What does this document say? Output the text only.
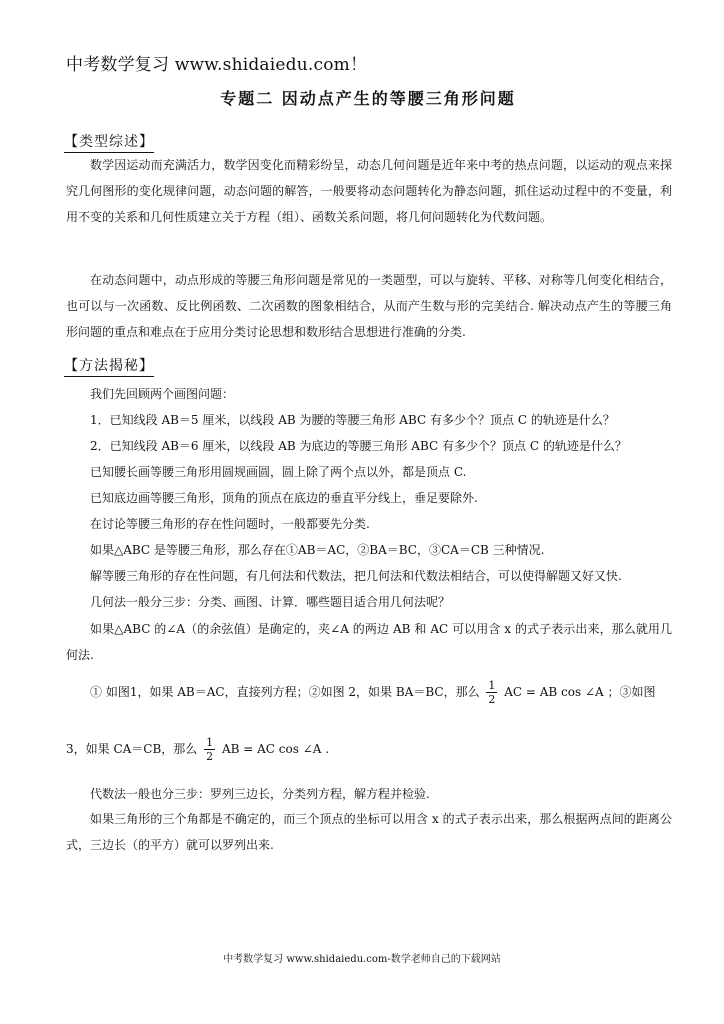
中考数学复习 www.shidaiedu.com！
专题二 因动点产生的等腰三角形问题
【类型综述】

数学因运动而充满活力，数学因变化而精彩纷呈，动态几何问题是近年来中考的热点问题，以运动的观点来探究几何图形的变化规律问题，动态问题的解答，一般要将动态问题转化为静态问题，抓住运动过程中的不变量，利用不变的关系和几何性质建立关于方程（组）、函数关系问题，将几何问题转化为代数问题。

在动态问题中，动点形成的等腰三角形问题是常见的一类题型，可以与旋转、平移、对称等几何变化相结合，也可以与一次函数、反比例函数、二次函数的图象相结合，从而产生数与形的完美结合. 解决动点产生的等腰三角形问题的重点和难点在于应用分类讨论思想和数形结合思想进行准确的分类.

【方法揭秘】
我们先回顾两个画图问题：
1．已知线段 AB＝5 厘米，以线段 AB 为腰的等腰三角形 ABC 有多少个？顶点 C 的轨迹是什么？
2．已知线段 AB＝6 厘米，以线段 AB 为底边的等腰三角形 ABC 有多少个？顶点 C 的轨迹是什么？
已知腰长画等腰三角形用圆规画圆，圆上除了两个点以外，都是顶点 C.
已知底边画等腰三角形，顶角的顶点在底边的垂直平分线上，垂足要除外.
在讨论等腰三角形的存在性问题时，一般都要先分类.
如果△ABC 是等腰三角形，那么存在①AB＝AC，②BA＝BC，③CA＝CB 三种情况.
解等腰三角形的存在性问题，有几何法和代数法，把几何法和代数法相结合，可以使得解题又好又快.
几何法一般分三步：分类、画图、计算．哪些题目适合用几何法呢？

如果△ABC 的∠A（的余弦值）是确定的，夹∠A 的两边 AB 和 AC 可以用含 x 的式子表示出来，那么就用几何法.

① 如图1，如果 AB＝AC，直接列方程；②如图 2，如果 BA＝BC，那么 $\frac{1}{2}$ AC = AB cos ∠A ；③如图
3，如果 CA＝CB，那么 $\frac{1}{2}$ AB = AC cos ∠A .
代数法一般也分三步：罗列三边长，分类列方程，解方程并检验.

如果三角形的三个角都是不确定的，而三个顶点的坐标可以用含 x 的式子表示出来，那么根据两点间的距离公式，三边长（的平方）就可以罗列出来.

中考数学复习 www.shidaiedu.com-数学老师自己的下载网站
